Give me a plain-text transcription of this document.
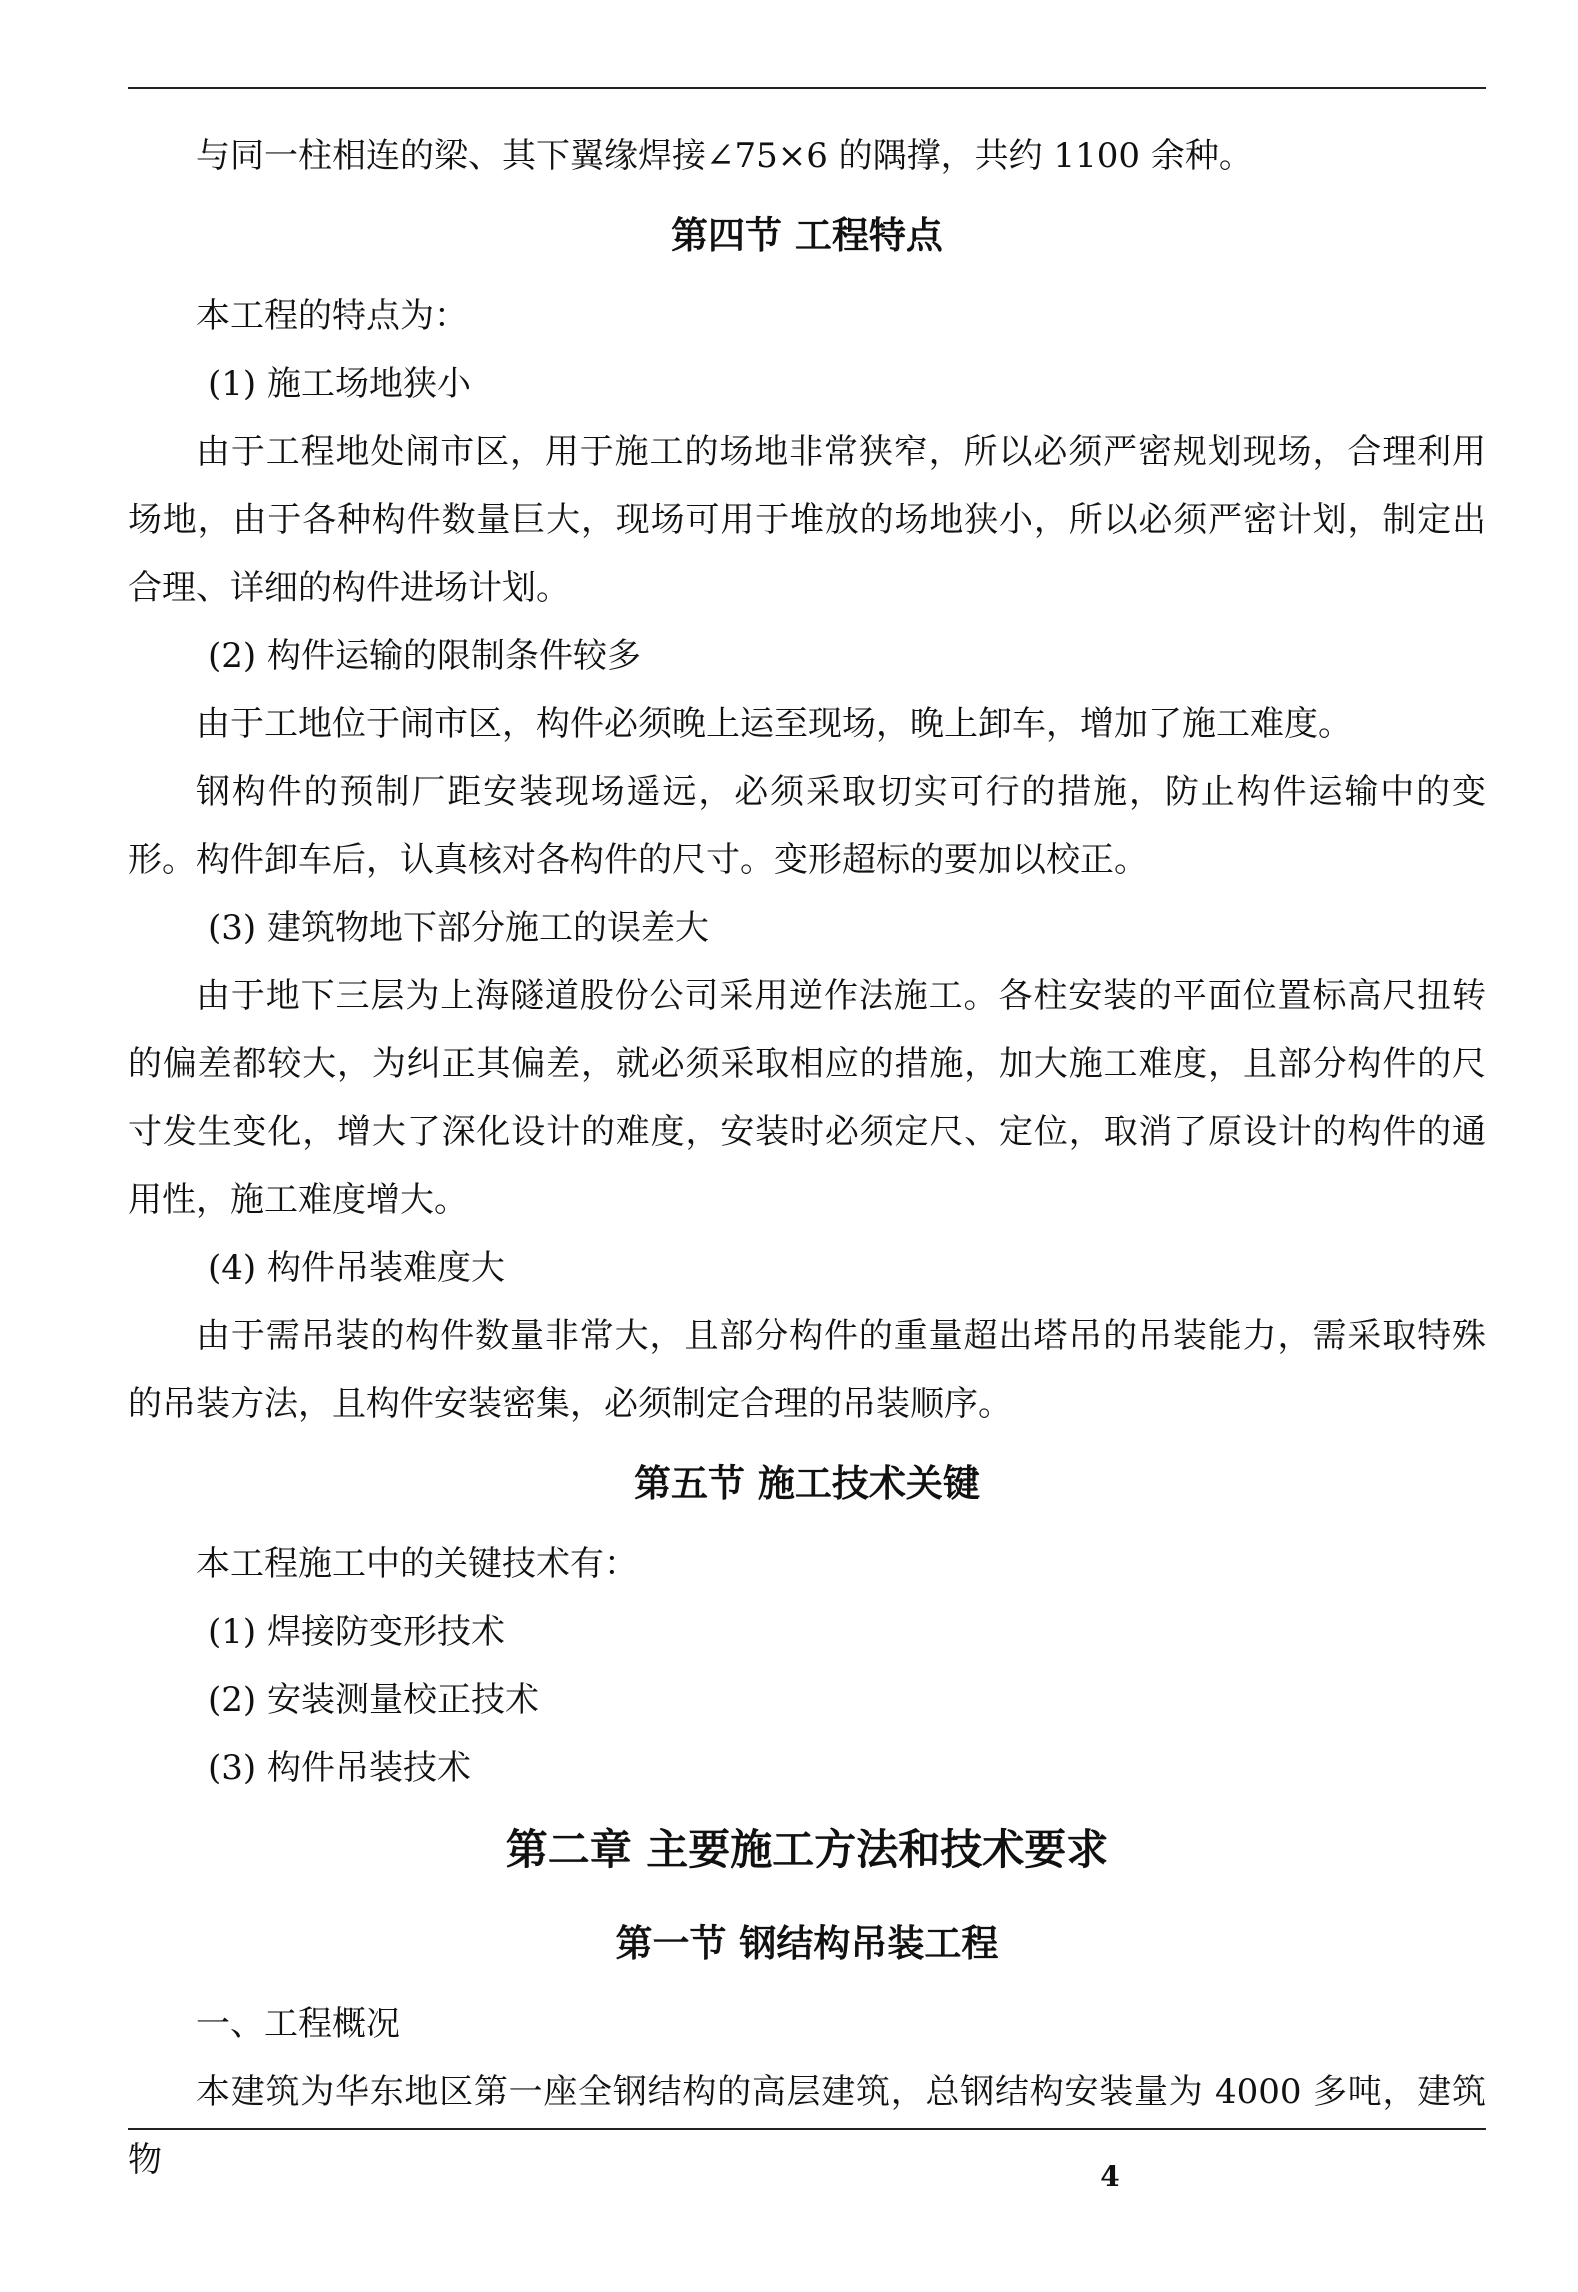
与同一柱相连的梁、其下翼缘焊接∠75×6 的隅撑，共约 1100 余种。

第四节 工程特点

本工程的特点为：

(1) 施工场地狭小

由于工程地处闹市区，用于施工的场地非常狭窄，所以必须严密规划现场，合理利用场地，由于各种构件数量巨大，现场可用于堆放的场地狭小，所以必须严密计划，制定出合理、详细的构件进场计划。

(2) 构件运输的限制条件较多

由于工地位于闹市区，构件必须晚上运至现场，晚上卸车，增加了施工难度。

钢构件的预制厂距安装现场遥远，必须采取切实可行的措施，防止构件运输中的变形。构件卸车后，认真核对各构件的尺寸。变形超标的要加以校正。

(3) 建筑物地下部分施工的误差大

由于地下三层为上海隧道股份公司采用逆作法施工。各柱安装的平面位置标高尺扭转的偏差都较大，为纠正其偏差，就必须采取相应的措施，加大施工难度，且部分构件的尺寸发生变化，增大了深化设计的难度，安装时必须定尺、定位，取消了原设计的构件的通用性，施工难度增大。

(4) 构件吊装难度大

由于需吊装的构件数量非常大，且部分构件的重量超出塔吊的吊装能力，需采取特殊的吊装方法，且构件安装密集，必须制定合理的吊装顺序。

第五节 施工技术关键

本工程施工中的关键技术有：

(1) 焊接防变形技术

(2) 安装测量校正技术

(3) 构件吊装技术

第二章 主要施工方法和技术要求
第一节 钢结构吊装工程

一、工程概况

本建筑为华东地区第一座全钢结构的高层建筑，总钢结构安装量为 4000 多吨，建筑物	4
